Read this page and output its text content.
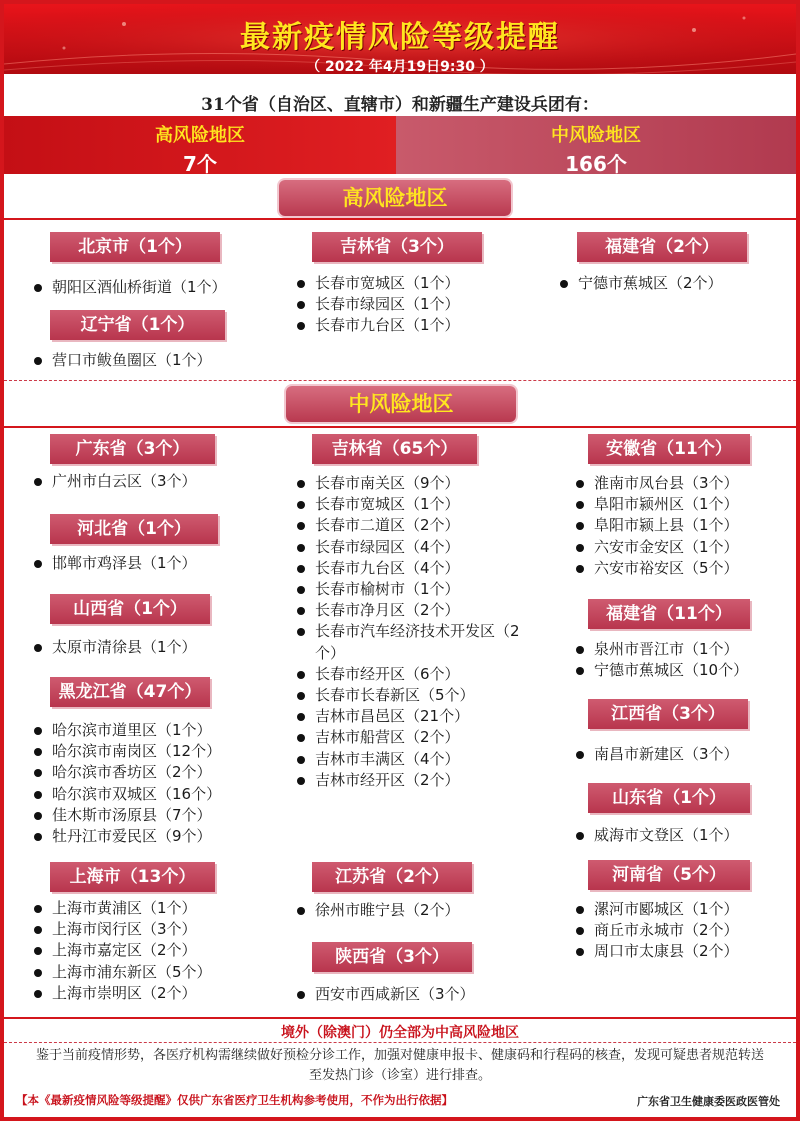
最新疫情风险等级提醒
（ 2022 年4月19日9:30 ）
31个省（自治区、直辖市）和新疆生产建设兵团有：
高风险地区
7个
中风险地区
166个
高风险地区
北京市（1个）
朝阳区酒仙桥街道（1个）
辽宁省（1个）
营口市鲅鱼圈区（1个）
吉林省（3个）
长春市宽城区（1个）
长春市绿园区（1个）
长春市九台区（1个）
福建省（2个）
宁德市蕉城区（2个）
中风险地区
广东省（3个）
广州市白云区（3个）
河北省（1个）
邯郸市鸡泽县（1个）
山西省（1个）
太原市清徐县（1个）
黑龙江省（47个）
哈尔滨市道里区（1个）
哈尔滨市南岗区（12个）
哈尔滨市香坊区（2个）
哈尔滨市双城区（16个）
佳木斯市汤原县（7个）
牡丹江市爱民区（9个）
上海市（13个）
上海市黄浦区（1个）
上海市闵行区（3个）
上海市嘉定区（2个）
上海市浦东新区（5个）
上海市崇明区（2个）
吉林省（65个）
长春市南关区（9个）
长春市宽城区（1个）
长春市二道区（2个）
长春市绿园区（4个）
长春市九台区（4个）
长春市榆树市（1个）
长春市净月区（2个）
长春市汽车经济技术开发区（2个）
长春市经开区（6个）
长春市长春新区（5个）
吉林市昌邑区（21个）
吉林市船营区（2个）
吉林市丰满区（4个）
吉林市经开区（2个）
江苏省（2个）
徐州市睢宁县（2个）
陕西省（3个）
西安市西咸新区（3个）
安徽省（11个）
淮南市凤台县（3个）
阜阳市颍州区（1个）
阜阳市颍上县（1个）
六安市金安区（1个）
六安市裕安区（5个）
福建省（11个）
泉州市晋江市（1个）
宁德市蕉城区（10个）
江西省（3个）
南昌市新建区（3个）
山东省（1个）
威海市文登区（1个）
河南省（5个）
漯河市郾城区（1个）
商丘市永城市（2个）
周口市太康县（2个）
境外（除澳门）仍全部为中高风险地区
鉴于当前疫情形势，各医疗机构需继续做好预检分诊工作，加强对健康申报卡、健康码和行程码的核查，发现可疑患者规范转送至发热门诊（诊室）进行排查。
【本《最新疫情风险等级提醒》仅供广东省医疗卫生机构参考使用，不作为出行依据】	广东省卫生健康委医政医管处
